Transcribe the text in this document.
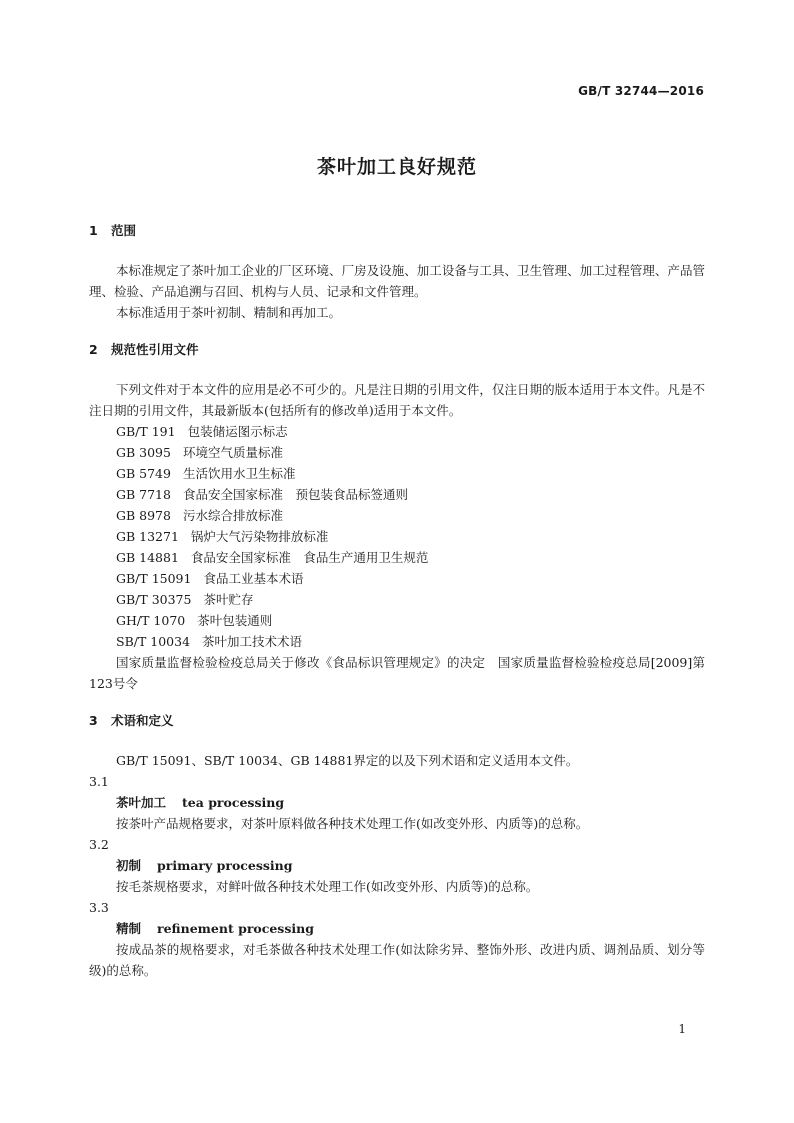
GB/T 32744—2016
茶叶加工良好规范
1 范围

本标准规定了茶叶加工企业的厂区环境、厂房及设施、加工设备与工具、卫生管理、加工过程管理、产品管理、检验、产品追溯与召回、机构与人员、记录和文件管理。

本标准适用于茶叶初制、精制和再加工。

2 规范性引用文件

下列文件对于本文件的应用是必不可少的。凡是注日期的引用文件，仅注日期的版本适用于本文件。凡是不注日期的引用文件，其最新版本(包括所有的修改单)适用于本文件。

GB/T 191 包装储运图示标志
GB 3095 环境空气质量标准
GB 5749 生活饮用水卫生标准
GB 7718 食品安全国家标准　预包装食品标签通则
GB 8978 污水综合排放标准
GB 13271 锅炉大气污染物排放标准
GB 14881 食品安全国家标准　食品生产通用卫生规范
GB/T 15091 食品工业基本术语
GB/T 30375 茶叶贮存
GH/T 1070 茶叶包装通则
SB/T 10034 茶叶加工技术术语

国家质量监督检验检疫总局关于修改《食品标识管理规定》的决定　国家质量监督检验检疫总局[2009]第123号令

3 术语和定义

GB/T 15091、SB/T 10034、GB 14881界定的以及下列术语和定义适用本文件。

3.1
茶叶加工 tea processing

按茶叶产品规格要求，对茶叶原料做各种技术处理工作(如改变外形、内质等)的总称。

3.2
初制 primary processing

按毛茶规格要求，对鲜叶做各种技术处理工作(如改变外形、内质等)的总称。

3.3
精制 refinement processing

按成品茶的规格要求，对毛茶做各种技术处理工作(如汰除劣异、整饰外形、改进内质、调剂品质、划分等级)的总称。

1
